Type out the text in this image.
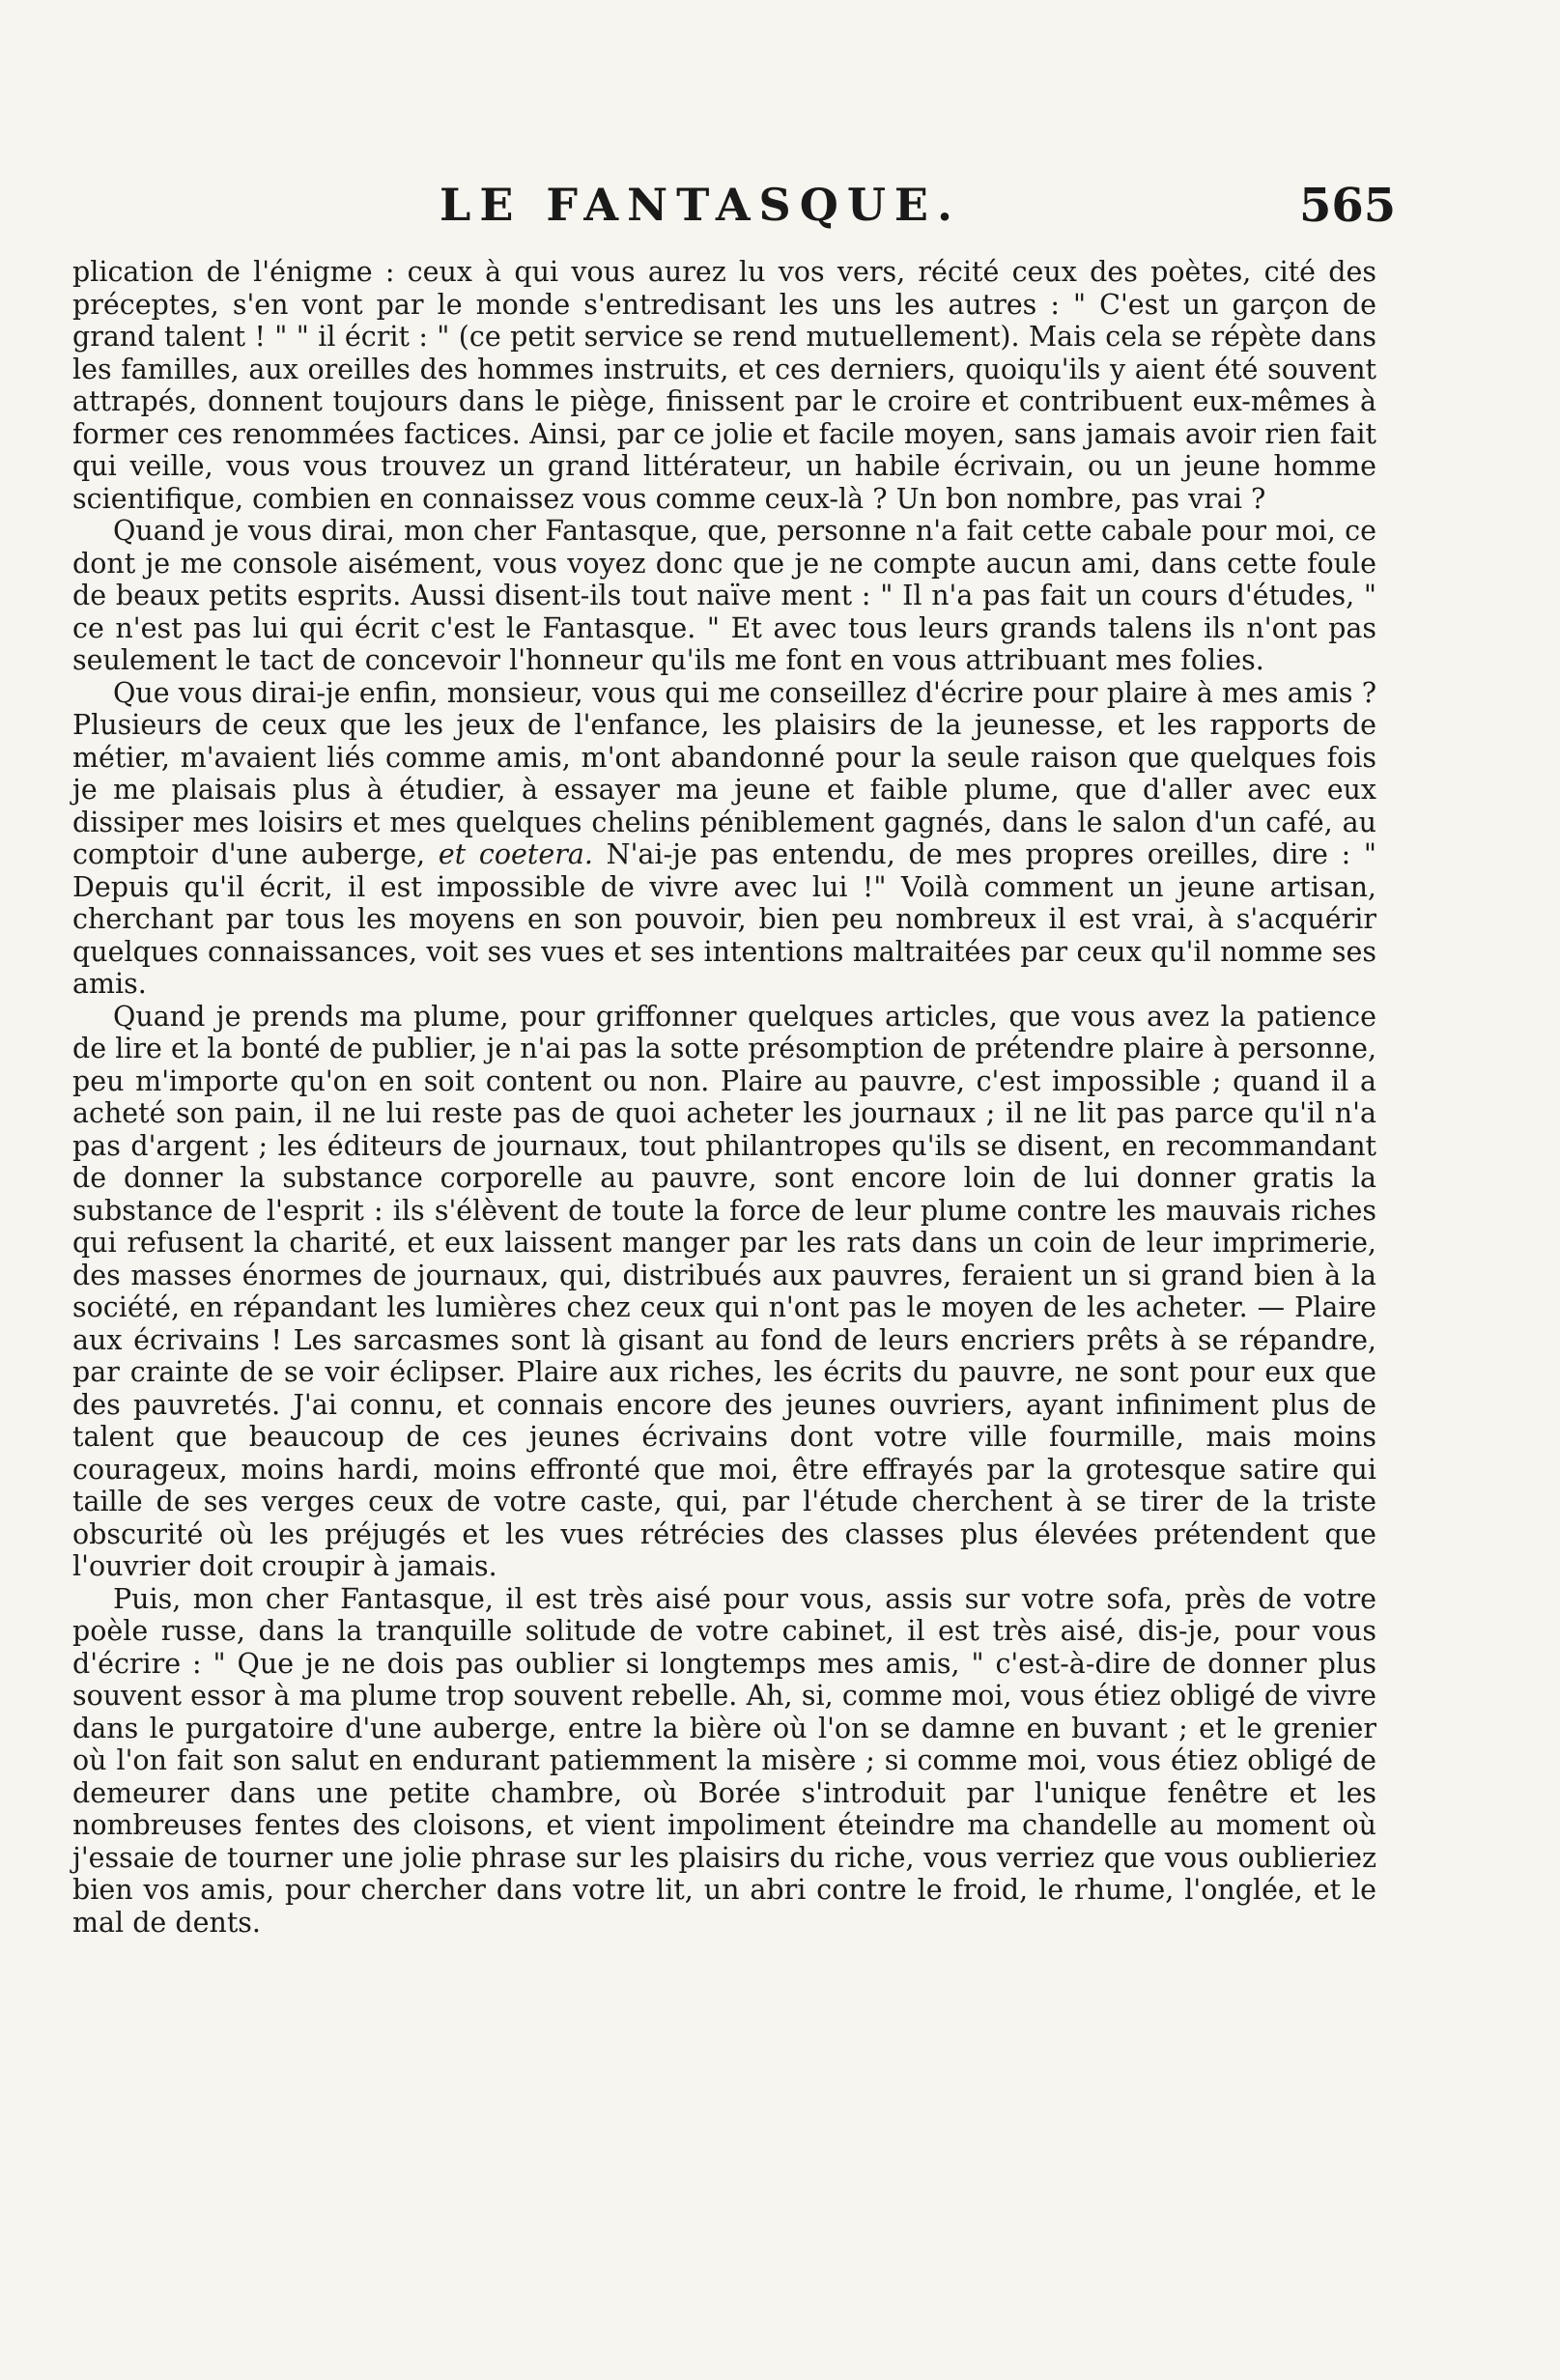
LE FANTASQUE.	565

plication de l'énigme : ceux à qui vous aurez lu vos vers, récité ceux des poètes, cité des préceptes, s'en vont par le monde s'entredisant les uns les autres : " C'est un garçon de grand talent ! " " il écrit : " (ce petit service se rend mutuellement). Mais cela se répète dans les familles, aux oreilles des hommes instruits, et ces derniers, quoiqu'ils y aient été souvent attrapés, donnent toujours dans le piège, finissent par le croire et contribuent eux-mêmes à former ces renommées factices. Ainsi, par ce jolie et facile moyen, sans jamais avoir rien fait qui veille, vous vous trouvez un grand littérateur, un habile écrivain, ou un jeune homme scientifique, combien en connaissez vous comme ceux-là ? Un bon nombre, pas vrai ?

Quand je vous dirai, mon cher Fantasque, que, personne n'a fait cette cabale pour moi, ce dont je me console aisément, vous voyez donc que je ne compte aucun ami, dans cette foule de beaux petits esprits. Aussi disent-ils tout naïve ment : " Il n'a pas fait un cours d'études, " ce n'est pas lui qui écrit c'est le Fantasque. " Et avec tous leurs grands talens ils n'ont pas seulement le tact de concevoir l'honneur qu'ils me font en vous attribuant mes folies.

Que vous dirai-je enfin, monsieur, vous qui me conseillez d'écrire pour plaire à mes amis ? Plusieurs de ceux que les jeux de l'enfance, les plaisirs de la jeunesse, et les rapports de métier, m'avaient liés comme amis, m'ont abandonné pour la seule raison que quelques fois je me plaisais plus à étudier, à essayer ma jeune et faible plume, que d'aller avec eux dissiper mes loisirs et mes quelques chelins péniblement gagnés, dans le salon d'un café, au comptoir d'une auberge, et coetera. N'ai-je pas entendu, de mes propres oreilles, dire : " Depuis qu'il écrit, il est impossible de vivre avec lui !" Voilà comment un jeune artisan, cherchant par tous les moyens en son pouvoir, bien peu nombreux il est vrai, à s'acquérir quelques connaissances, voit ses vues et ses intentions maltraitées par ceux qu'il nomme ses amis.

Quand je prends ma plume, pour griffonner quelques articles, que vous avez la patience de lire et la bonté de publier, je n'ai pas la sotte présomption de prétendre plaire à personne, peu m'importe qu'on en soit content ou non. Plaire au pauvre, c'est impossible ; quand il a acheté son pain, il ne lui reste pas de quoi acheter les journaux ; il ne lit pas parce qu'il n'a pas d'argent ; les éditeurs de journaux, tout philantropes qu'ils se disent, en recommandant de donner la substance corporelle au pauvre, sont encore loin de lui donner gratis la substance de l'esprit : ils s'élèvent de toute la force de leur plume contre les mauvais riches qui refusent la charité, et eux laissent manger par les rats dans un coin de leur imprimerie, des masses énormes de journaux, qui, distribués aux pauvres, feraient un si grand bien à la société, en répandant les lumières chez ceux qui n'ont pas le moyen de les acheter. — Plaire aux écrivains ! Les sarcasmes sont là gisant au fond de leurs encriers prêts à se répandre, par crainte de se voir éclipser. Plaire aux riches, les écrits du pauvre, ne sont pour eux que des pauvretés. J'ai connu, et connais encore des jeunes ouvriers, ayant infiniment plus de talent que beaucoup de ces jeunes écrivains dont votre ville fourmille, mais moins courageux, moins hardi, moins effronté que moi, être effrayés par la grotesque satire qui taille de ses verges ceux de votre caste, qui, par l'étude cherchent à se tirer de la triste obscurité où les préjugés et les vues rétrécies des classes plus élevées prétendent que l'ouvrier doit croupir à jamais.

Puis, mon cher Fantasque, il est très aisé pour vous, assis sur votre sofa, près de votre poèle russe, dans la tranquille solitude de votre cabinet, il est très aisé, dis-je, pour vous d'écrire : " Que je ne dois pas oublier si longtemps mes amis, " c'est-à-dire de donner plus souvent essor à ma plume trop souvent rebelle. Ah, si, comme moi, vous étiez obligé de vivre dans le purgatoire d'une auberge, entre la bière où l'on se damne en buvant ; et le grenier où l'on fait son salut en endurant patiemment la misère ; si comme moi, vous étiez obligé de demeurer dans une petite chambre, où Borée s'introduit par l'unique fenêtre et les nombreuses fentes des cloisons, et vient impoliment éteindre ma chandelle au moment où j'essaie de tourner une jolie phrase sur les plaisirs du riche, vous verriez que vous oublieriez bien vos amis, pour chercher dans votre lit, un abri contre le froid, le rhume, l'onglée, et le mal de dents.
